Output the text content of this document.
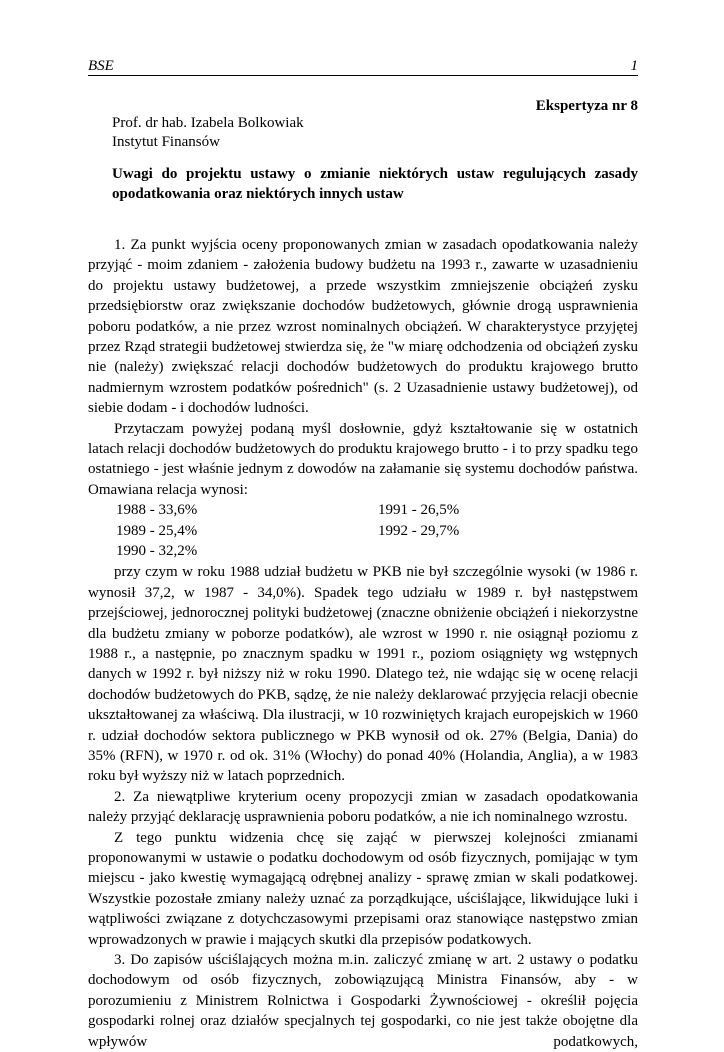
BSE	1
Ekspertyza nr 8
Prof. dr hab. Izabela Bolkowiak
Instytut Finansów
Uwagi do projektu ustawy o zmianie niektórych ustaw regulujących zasady opodatkowania oraz niektórych innych ustaw

1. Za punkt wyjścia oceny proponowanych zmian w zasadach opodatkowania należy przyjąć - moim zdaniem - założenia budowy budżetu na 1993 r., zawarte w uzasadnieniu do projektu ustawy budżetowej, a przede wszystkim zmniejszenie obciążeń zysku przedsiębiorstw oraz zwiększanie dochodów budżetowych, głównie drogą usprawnienia poboru podatków, a nie przez wzrost nominalnych obciążeń. W charakterystyce przyjętej przez Rząd strategii budżetowej stwierdza się, że "w miarę odchodzenia od obciążeń zysku nie (należy) zwiększać relacji dochodów budżetowych do produktu krajowego brutto nadmiernym wzrostem podatków pośrednich" (s. 2 Uzasadnienie ustawy budżetowej), od siebie dodam - i dochodów ludności.

Przytaczam powyżej podaną myśl dosłownie, gdyż kształtowanie się w ostatnich latach relacji dochodów budżetowych do produktu krajowego brutto - i to przy spadku tego ostatniego - jest właśnie jednym z dowodów na załamanie się systemu dochodów państwa. Omawiana relacja wynosi:

1988 - 33,6%
1989 - 25,4%
1990 - 32,2%
1991 - 26,5%
1992 - 29,7%

przy czym w roku 1988 udział budżetu w PKB nie był szczególnie wysoki (w 1986 r. wynosił 37,2, w 1987 - 34,0%). Spadek tego udziału w 1989 r. był następstwem przejściowej, jednorocznej polityki budżetowej (znaczne obniżenie obciążeń i niekorzystne dla budżetu zmiany w poborze podatków), ale wzrost w 1990 r. nie osiągnął poziomu z 1988 r., a następnie, po znacznym spadku w 1991 r., poziom osiągnięty wg wstępnych danych w 1992 r. był niższy niż w roku 1990. Dlatego też, nie wdając się w ocenę relacji dochodów budżetowych do PKB, sądzę, że nie należy deklarować przyjęcia relacji obecnie ukształtowanej za właściwą. Dla ilustracji, w 10 rozwiniętych krajach europejskich w 1960 r. udział dochodów sektora publicznego w PKB wynosił od ok. 27% (Belgia, Dania) do 35% (RFN), w 1970 r. od ok. 31% (Włochy) do ponad 40% (Holandia, Anglia), a w 1983 roku był wyższy niż w latach poprzednich.

2. Za niewątpliwe kryterium oceny propozycji zmian w zasadach opodatkowania należy przyjąć deklarację usprawnienia poboru podatków, a nie ich nominalnego wzrostu.

Z tego punktu widzenia chcę się zająć w pierwszej kolejności zmianami proponowanymi w ustawie o podatku dochodowym od osób fizycznych, pomijając w tym miejscu - jako kwestię wymagającą odrębnej analizy - sprawę zmian w skali podatkowej. Wszystkie pozostałe zmiany należy uznać za porządkujące, uściślające, likwidujące luki i wątpliwości związane z dotychczasowymi przepisami oraz stanowiące następstwo zmian wprowadzonych w prawie i mających skutki dla przepisów podatkowych.

3. Do zapisów uściślających można m.in. zaliczyć zmianę w art. 2 ustawy o podatku dochodowym od osób fizycznych, zobowiązującą Ministra Finansów, aby - w porozumieniu z Ministrem Rolnictwa i Gospodarki Żywnościowej - określił pojęcia gospodarki rolnej oraz działów specjalnych tej gospodarki, co nie jest także obojętne dla wpływów podatkowych,
